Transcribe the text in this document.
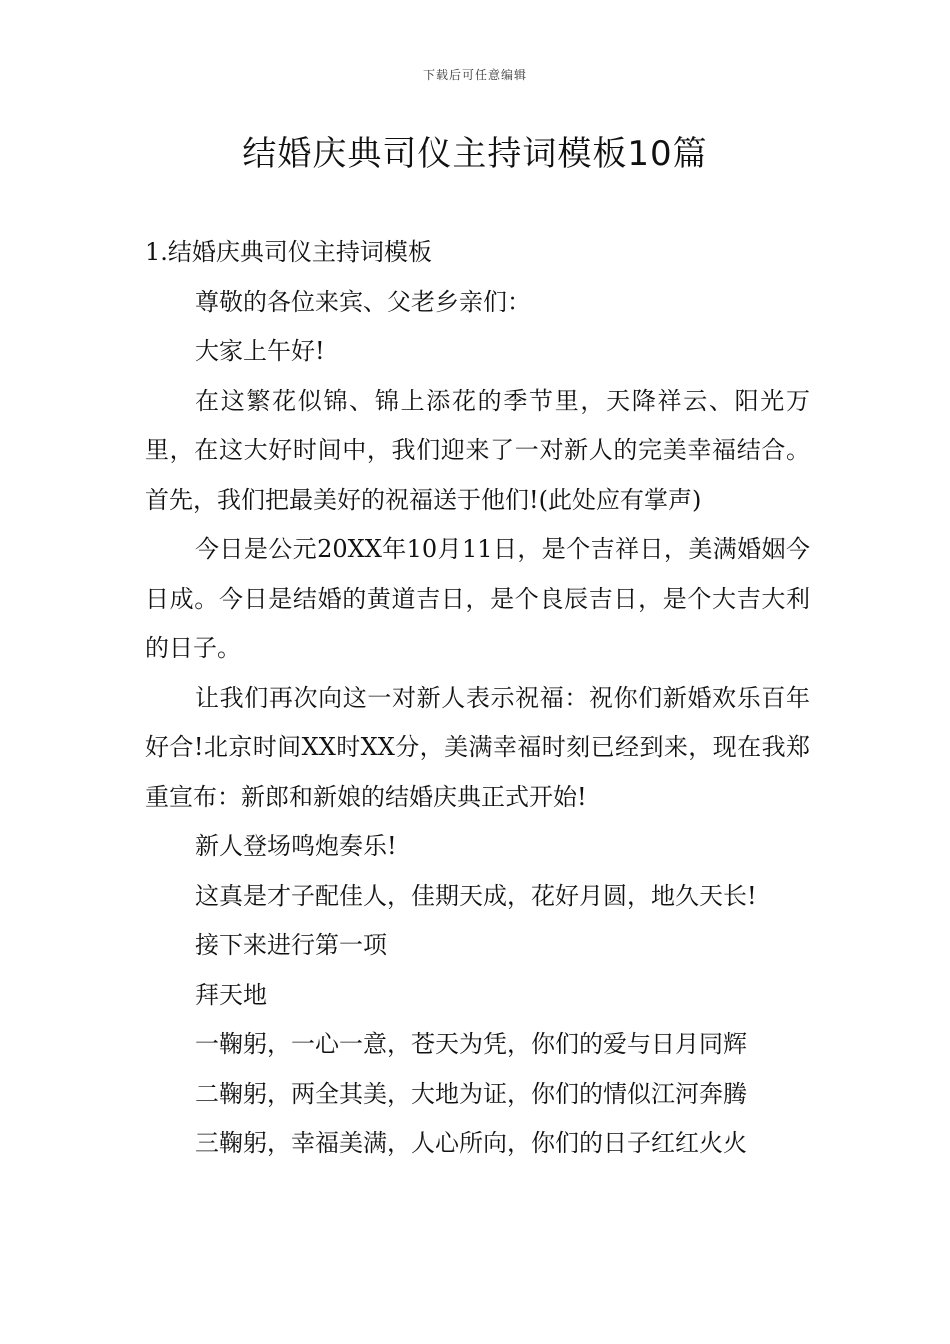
下载后可任意编辑
结婚庆典司仪主持词模板10篇

1.结婚庆典司仪主持词模板

尊敬的各位来宾、父老乡亲们：

大家上午好!

在这繁花似锦、锦上添花的季节里，天降祥云、阳光万里，在这大好时间中，我们迎来了一对新人的完美幸福结合。首先，我们把最美好的祝福送于他们!(此处应有掌声)

今日是公元20XX年10月11日，是个吉祥日，美满婚姻今日成。今日是结婚的黄道吉日，是个良辰吉日，是个大吉大利的日子。

让我们再次向这一对新人表示祝福：祝你们新婚欢乐百年好合!北京时间XX时XX分，美满幸福时刻已经到来，现在我郑重宣布：新郎和新娘的结婚庆典正式开始!

新人登场鸣炮奏乐!

这真是才子配佳人，佳期天成，花好月圆，地久天长!

接下来进行第一项

拜天地

一鞠躬，一心一意，苍天为凭，你们的爱与日月同辉

二鞠躬，两全其美，大地为证，你们的情似江河奔腾

三鞠躬，幸福美满，人心所向，你们的日子红红火火
